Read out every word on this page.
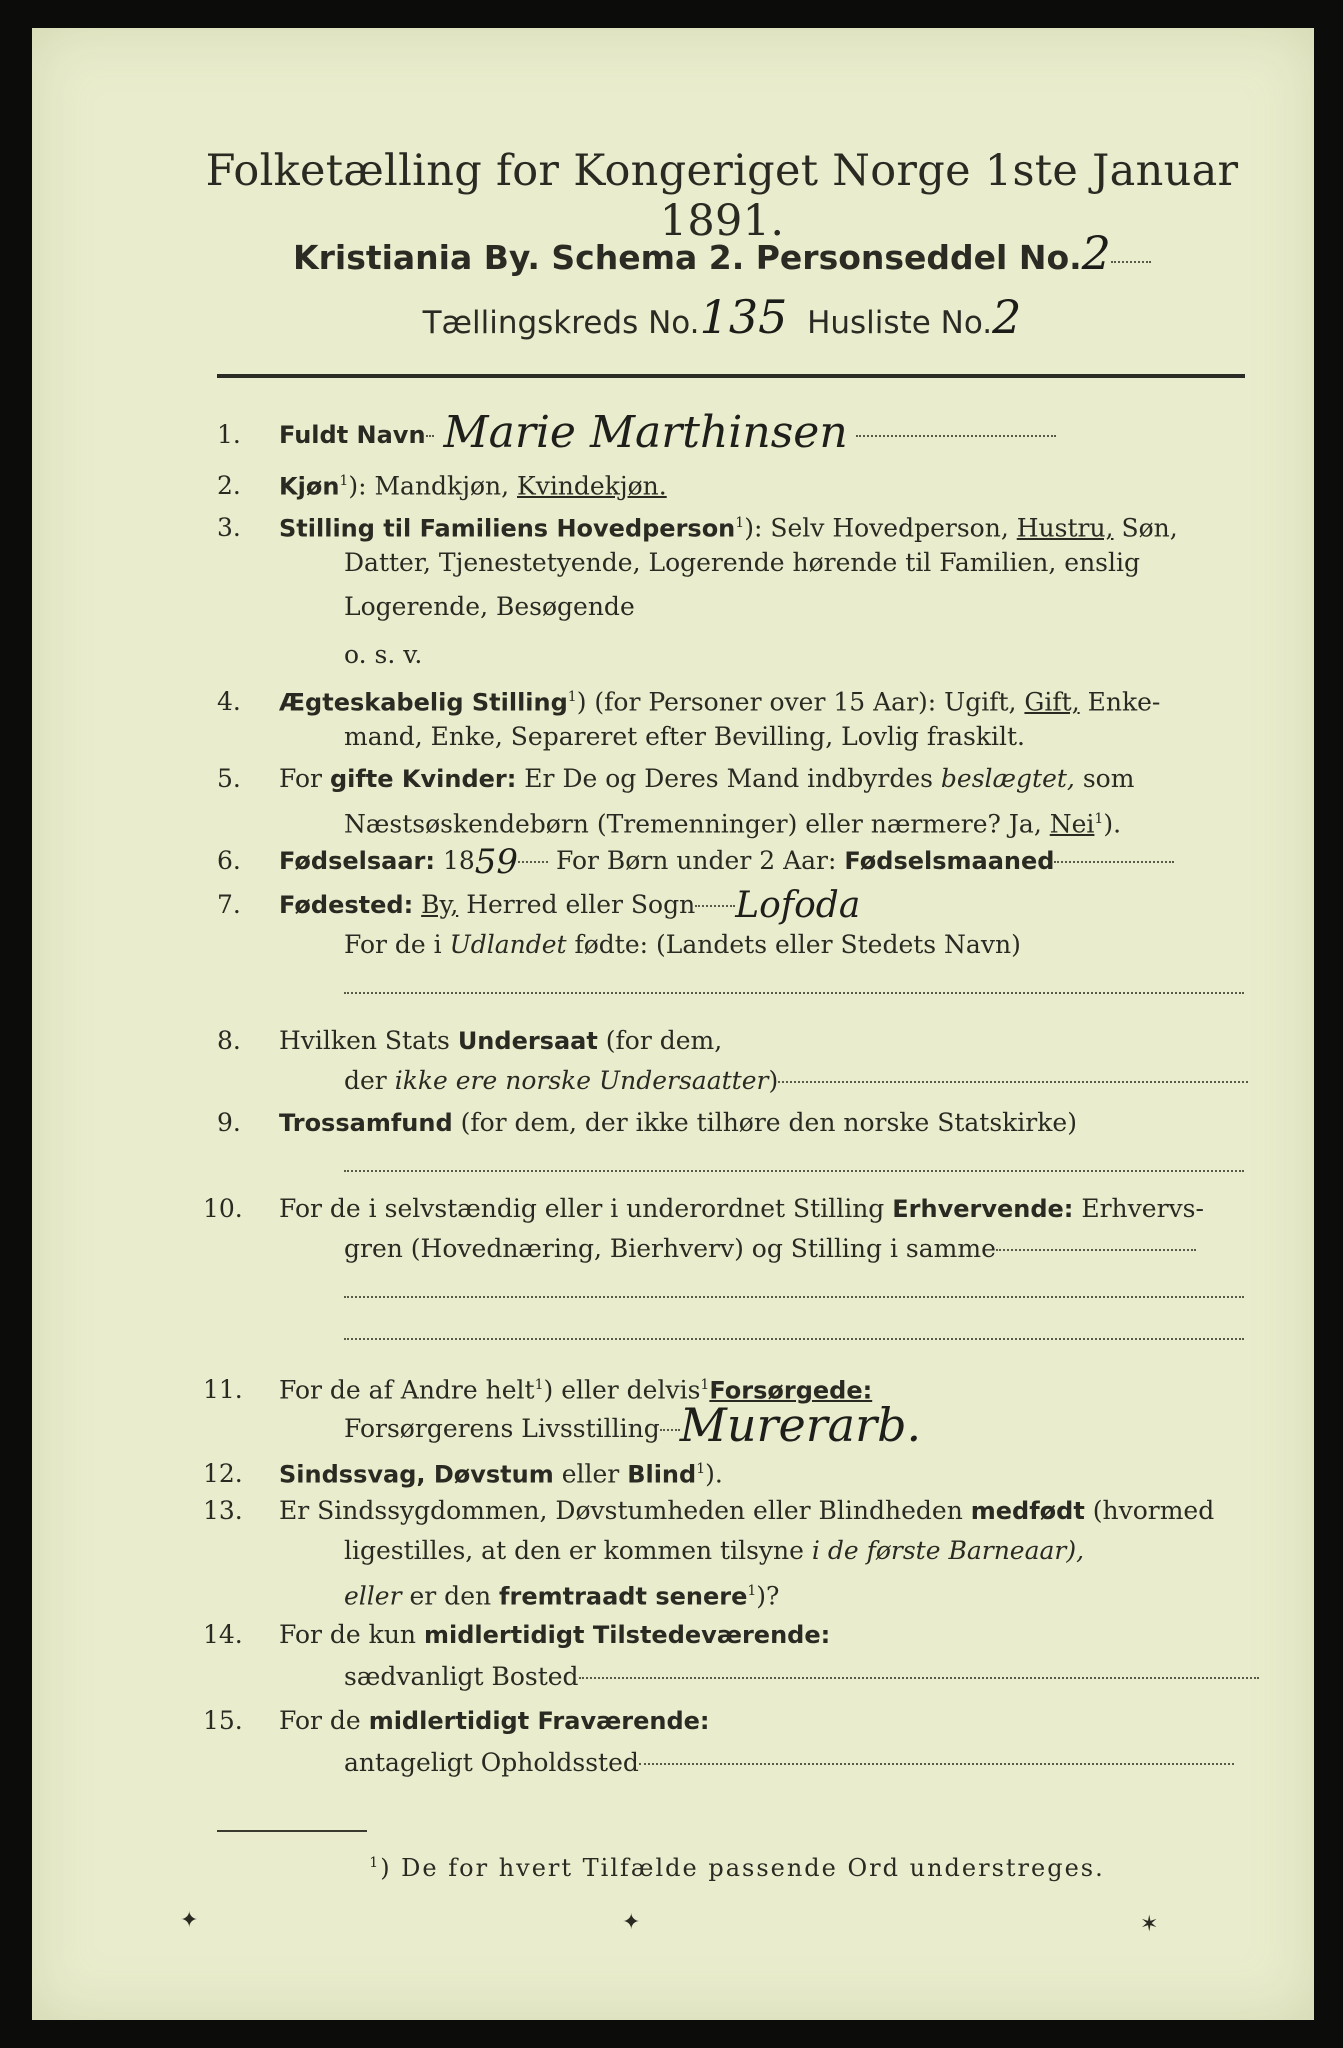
Folketælling for Kongeriget Norge 1ste Januar 1891.
Kristiania By. Schema 2. Personseddel No.2
Tællingskreds No.135 Husliste No.2
1. Fuldt Navn Marie Marthinsen
2. Kjøn$^1$): Mandkjøn, Kvindekjøn.
3. Stilling til Familiens Hovedperson$^1$): Selv Hovedperson, Hustru, Søn,
Datter, Tjenestetyende, Logerende hørende til Familien, enslig
Logerende, Besøgende
o. s. v.
4. Ægteskabelig Stilling$^1$) (for Personer over 15 Aar): Ugift, Gift, Enke-
mand, Enke, Separeret efter Bevilling, Lovlig fraskilt.
5. For gifte Kvinder: Er De og Deres Mand indbyrdes beslægtet, som
Næstsøskendebørn (Tremenninger) eller nærmere? Ja, Nei$^1$).
6. Fødselsaar: 1859 For Børn under 2 Aar: Fødselsmaaned
7. Fødested: By, Herred eller Sogn Lofoda
For de i Udlandet fødte: (Landets eller Stedets Navn)
8. Hvilken Stats Undersaat (for dem,
der ikke ere norske Undersaatter)
9. Trossamfund (for dem, der ikke tilhøre den norske Statskirke)
10. For de i selvstændig eller i underordnet Stilling Erhvervende: Erhvervs-
gren (Hovednæring, Bierhverv) og Stilling i samme
11. For de af Andre helt$^1$) eller delvis$^1$Forsørgede:
Forsørgerens Livsstilling Murerarb.
12. Sindssvag, Døvstum eller Blind$^1$).
13. Er Sindssygdommen, Døvstumheden eller Blindheden medfødt (hvormed
ligestilles, at den er kommen tilsyne i de første Barneaar),
eller er den fremtraadt senere$^1$)?
14. For de kun midlertidigt Tilstedeværende:
sædvanligt Bosted
15. For de midlertidigt Fraværende:
antageligt Opholdssted
$^1$) De for hvert Tilfælde passende Ord understreges.
✦	✦	✶
